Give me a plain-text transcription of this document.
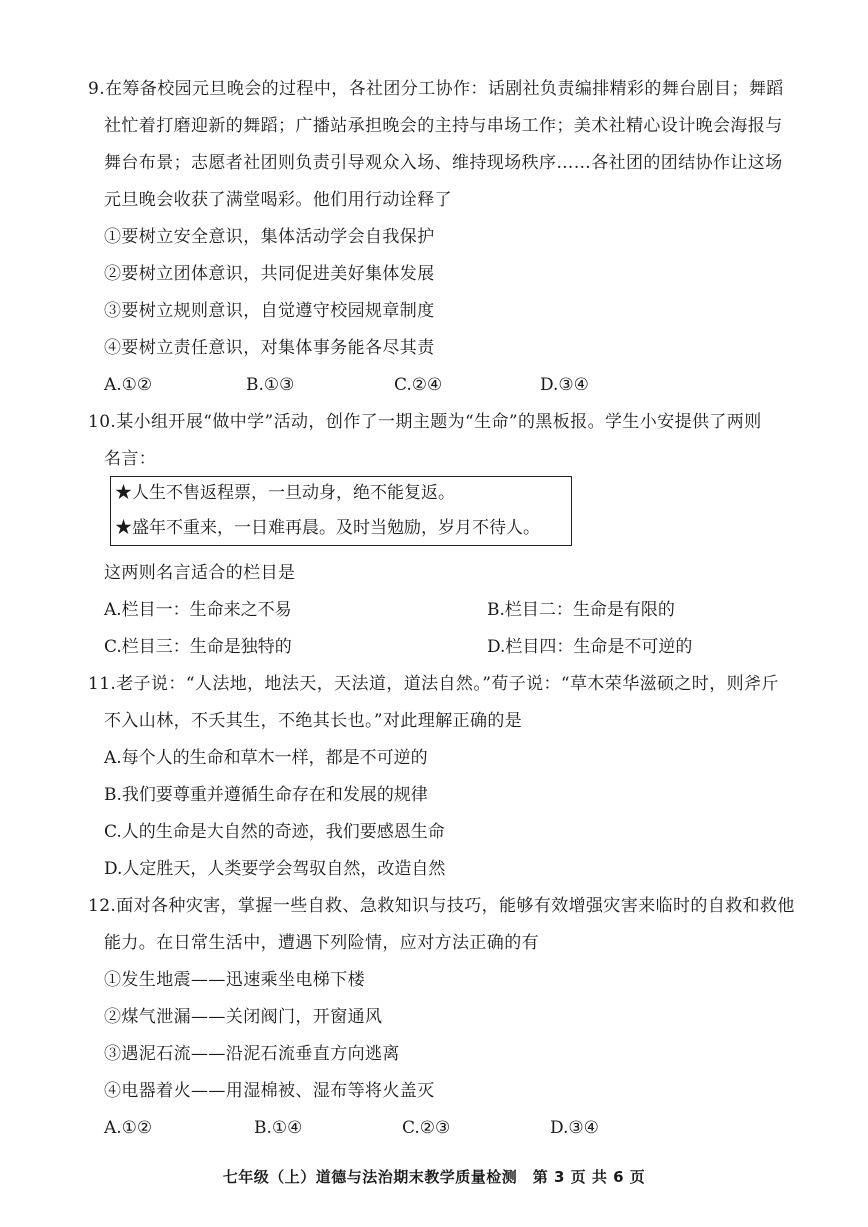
9.在筹备校园元旦晚会的过程中，各社团分工协作：话剧社负责编排精彩的舞台剧目；舞蹈
社忙着打磨迎新的舞蹈；广播站承担晚会的主持与串场工作；美术社精心设计晚会海报与
舞台布景；志愿者社团则负责引导观众入场、维持现场秩序……各社团的团结协作让这场
元旦晚会收获了满堂喝彩。他们用行动诠释了
①要树立安全意识，集体活动学会自我保护
②要树立团体意识，共同促进美好集体发展
③要树立规则意识，自觉遵守校园规章制度
④要树立责任意识，对集体事务能各尽其责
A.①②	B.①③	C.②④	D.③④
10.某小组开展“做中学”活动，创作了一期主题为“生命”的黑板报。学生小安提供了两则
名言：
★人生不售返程票，一旦动身，绝不能复返。
★盛年不重来，一日难再晨。及时当勉励，岁月不待人。
这两则名言适合的栏目是
A.栏目一：生命来之不易	B.栏目二：生命是有限的
C.栏目三：生命是独特的	D.栏目四：生命是不可逆的
11.老子说：“人法地，地法天，天法道，道法自然。”荀子说：“草木荣华滋硕之时，则斧斤
不入山林，不夭其生，不绝其长也。”对此理解正确的是
A.每个人的生命和草木一样，都是不可逆的
B.我们要尊重并遵循生命存在和发展的规律
C.人的生命是大自然的奇迹，我们要感恩生命
D.人定胜天，人类要学会驾驭自然，改造自然
12.面对各种灾害，掌握一些自救、急救知识与技巧，能够有效增强灾害来临时的自救和救他
能力。在日常生活中，遭遇下列险情，应对方法正确的有
①发生地震——迅速乘坐电梯下楼
②煤气泄漏——关闭阀门，开窗通风
③遇泥石流——沿泥石流垂直方向逃离
④电器着火——用湿棉被、湿布等将火盖灭
A.①②	B.①④	C.②③	D.③④
七年级（上）道德与法治期末教学质量检测　第 3 页 共 6 页
